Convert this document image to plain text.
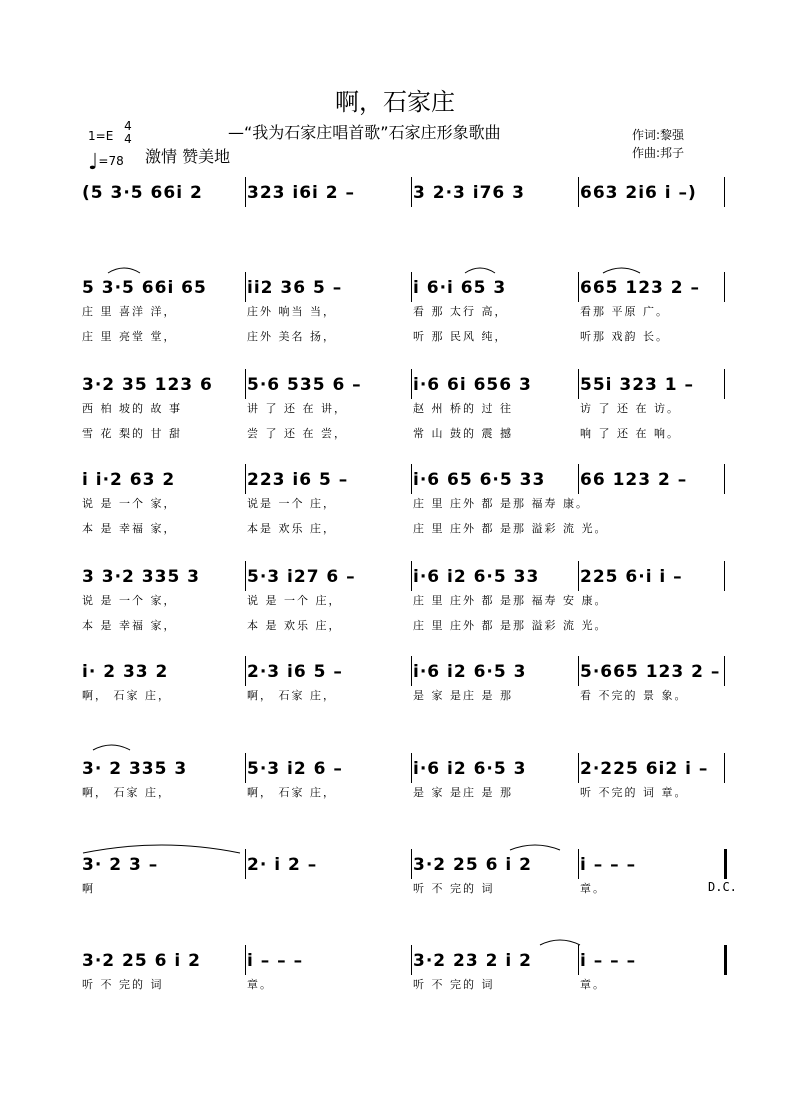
啊，石家庄
—“我为石家庄唱首歌”石家庄形象歌曲
1=E
4
4
♩=78 激情 赞美地
作词:黎强
作曲:邦子
(5 3·5 66i 2	323 i6i 2 –	3 2·3 i76 3	663 2i6 i –)
5 3·5 66i 65 ii2 36 5 –	i 6·i 65 3	665 123 2 –
庄 里 喜洋 洋，	庄外 响当 当，	看 那 太行 高，	看那 平原 广。
庄 里 亮堂 堂，	庄外 美名 扬，	听 那 民风 纯，	听那 戏韵 长。
3·2 35 123 6 5·6 535 6 –	i·6 6i 656 3	55i 323 1 –
西 柏 坡的 故 事	讲 了 还 在 讲，	赵 州 桥的 过 往	访 了 还 在 访。
雪 花 梨的 甘 甜	尝 了 还 在 尝，	常 山 鼓的 震 撼	响 了 还 在 响。
i i·2 63 2	223 i6 5 –	i·6 65 6·5 33 66 123 2 –
说 是 一个 家，	说是 一个 庄，	庄 里 庄外 都 是那 福寿 康。
本 是 幸福 家，	本是 欢乐 庄，	庄 里 庄外 都 是那 溢彩 流 光。
3 3·2 335 3	5·3 i27 6 –	i·6 i2 6·5 33 225 6·i i –
说 是 一个 家，	说 是 一个 庄，	庄 里 庄外 都 是那 福寿 安 康。
本 是 幸福 家，	本 是 欢乐 庄，	庄 里 庄外 都 是那 溢彩 流 光。
i· 2 33 2	2·3 i6 5 –	i·6 i2 6·5 3	5·665 123 2 –
啊， 石家 庄，	啊， 石家 庄，	是 家 是庄 是 那	看 不完的 景 象。
3· 2 335 3	5·3 i2 6 –	i·6 i2 6·5 3	2·225 6i2 i –
啊， 石家 庄，	啊， 石家 庄，	是 家 是庄 是 那	听 不完的 词 章。
3· 2 3 –	2· i 2 –	3·2 25 6 i 2	i – – –
啊	听 不 完的 词	章。
3·2 25 6 i 2	i – – –	3·2 23 2 i 2	i – – –
听 不 完的 词	章。	听 不 完的 词	章。
D.C.
